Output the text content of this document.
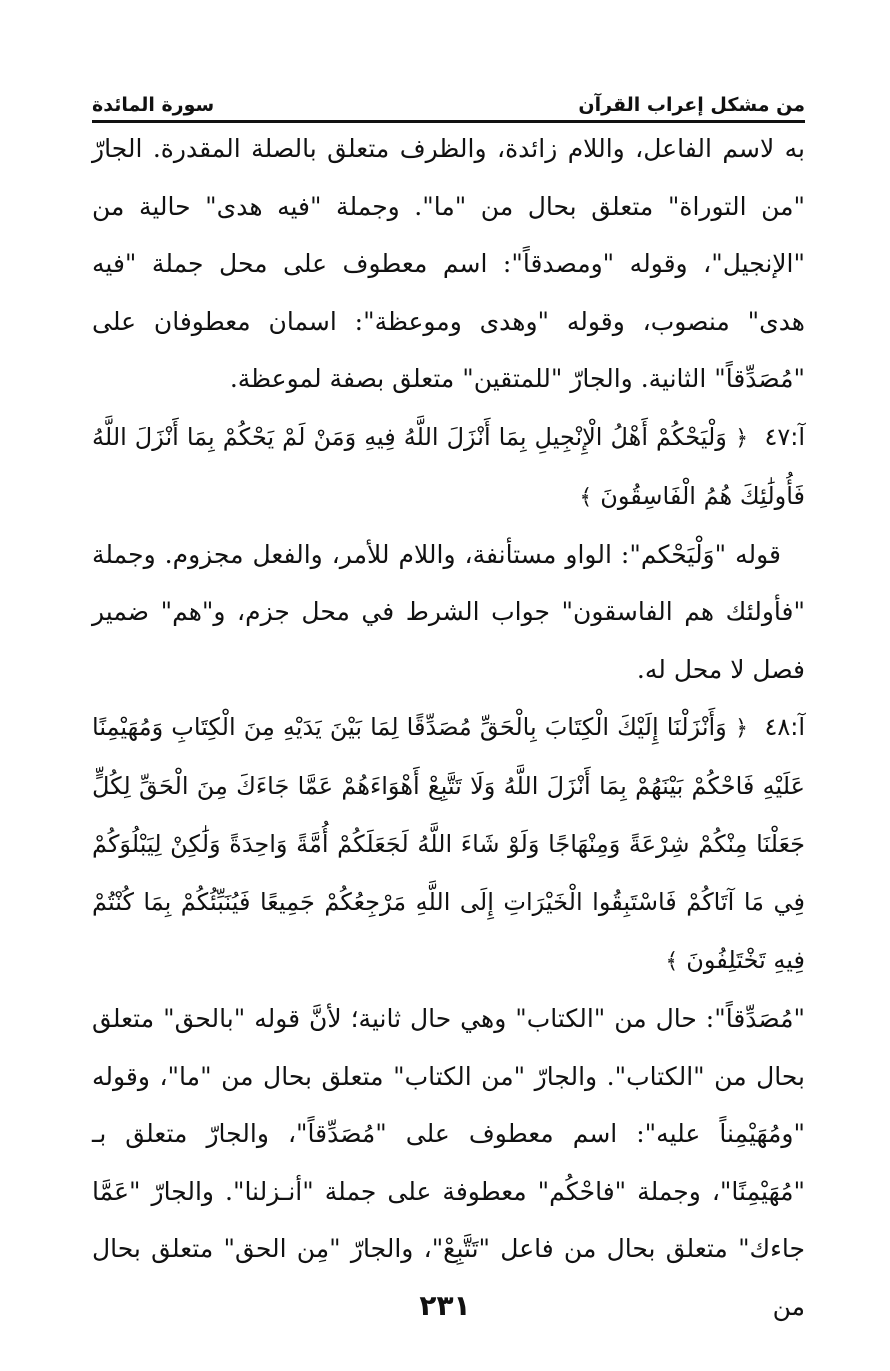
من مشكل إعراب القرآن
سورة المائدة

به لاسم الفاعل، واللام زائدة، والظرف متعلق بالصلة المقدرة. الجارّ "من التوراة" متعلق بحال من "ما". وجملة "فيه هدى" حالية من "الإنجيل"، وقوله "ومصدقاً": اسم معطوف على محل جملة "فيه هدى" منصوب، وقوله "وهدى وموعظة": اسمان معطوفان على "مُصَدِّقاً" الثانية. والجارّ "للمتقين" متعلق بصفة لموعظة.

آ:٤٧ ﴿ وَلْيَحْكُمْ أَهْلُ الْإِنْجِيلِ بِمَا أَنْزَلَ اللَّهُ فِيهِ وَمَنْ لَمْ يَحْكُمْ بِمَا أَنْزَلَ اللَّهُ فَأُولَٰئِكَ هُمُ الْفَاسِقُونَ ﴾

قوله "وَلْيَحْكم": الواو مستأنفة، واللام للأمر، والفعل مجزوم. وجملة "فأولئك هم الفاسقون" جواب الشرط في محل جزم، و"هم" ضمير فصل لا محل له.

آ:٤٨ ﴿ وَأَنْزَلْنَا إِلَيْكَ الْكِتَابَ بِالْحَقِّ مُصَدِّقًا لِمَا بَيْنَ يَدَيْهِ مِنَ الْكِتَابِ وَمُهَيْمِنًا عَلَيْهِ فَاحْكُمْ بَيْنَهُمْ بِمَا أَنْزَلَ اللَّهُ وَلَا تَتَّبِعْ أَهْوَاءَهُمْ عَمَّا جَاءَكَ مِنَ الْحَقِّ لِكُلٍّ جَعَلْنَا مِنْكُمْ شِرْعَةً وَمِنْهَاجًا وَلَوْ شَاءَ اللَّهُ لَجَعَلَكُمْ أُمَّةً وَاحِدَةً وَلَٰكِنْ لِيَبْلُوَكُمْ فِي مَا آتَاكُمْ فَاسْتَبِقُوا الْخَيْرَاتِ إِلَى اللَّهِ مَرْجِعُكُمْ جَمِيعًا فَيُنَبِّئُكُمْ بِمَا كُنْتُمْ فِيهِ تَخْتَلِفُونَ ﴾

"مُصَدِّقاً": حال من "الكتاب" وهي حال ثانية؛ لأنَّ قوله "بالحق" متعلق بحال من "الكتاب". والجارّ "من الكتاب" متعلق بحال من "ما"، وقوله "ومُهَيْمِناً عليه": اسم معطوف على "مُصَدِّقاً"، والجارّ متعلق بـ "مُهَيْمِنًا"، وجملة "فاحْكُم" معطوفة على جملة "أنـزلنا". والجارّ "عَمَّا جاءك" متعلق بحال من فاعل "تَتَّبِعْ"، والجارّ "مِن الحق" متعلق بحال من

٢٣١
